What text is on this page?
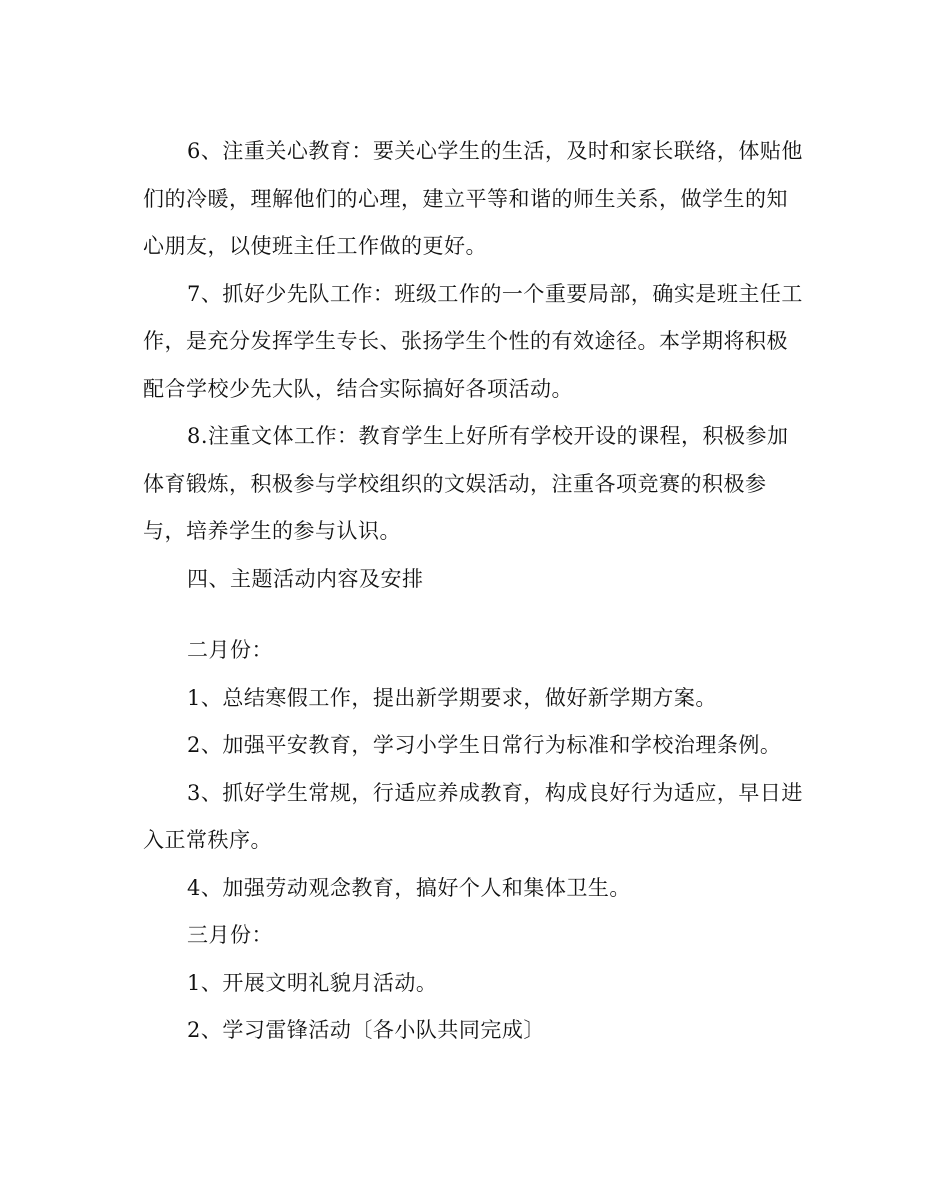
6、注重关心教育：要关心学生的生活，及时和家长联络，体贴他们的冷暖，理解他们的心理，建立平等和谐的师生关系，做学生的知心朋友，以使班主任工作做的更好。

7、抓好少先队工作：班级工作的一个重要局部，确实是班主任工作，是充分发挥学生专长、张扬学生个性的有效途径。本学期将积极配合学校少先大队，结合实际搞好各项活动。

8.注重文体工作：教育学生上好所有学校开设的课程，积极参加体育锻炼，积极参与学校组织的文娱活动，注重各项竞赛的积极参与，培养学生的参与认识。

四、主题活动内容及安排

二月份：

1、总结寒假工作，提出新学期要求，做好新学期方案。

2、加强平安教育，学习小学生日常行为标准和学校治理条例。

3、抓好学生常规，行适应养成教育，构成良好行为适应，早日进入正常秩序。

4、加强劳动观念教育，搞好个人和集体卫生。

三月份：

1、开展文明礼貌月活动。

2、学习雷锋活动〔各小队共同完成〕
